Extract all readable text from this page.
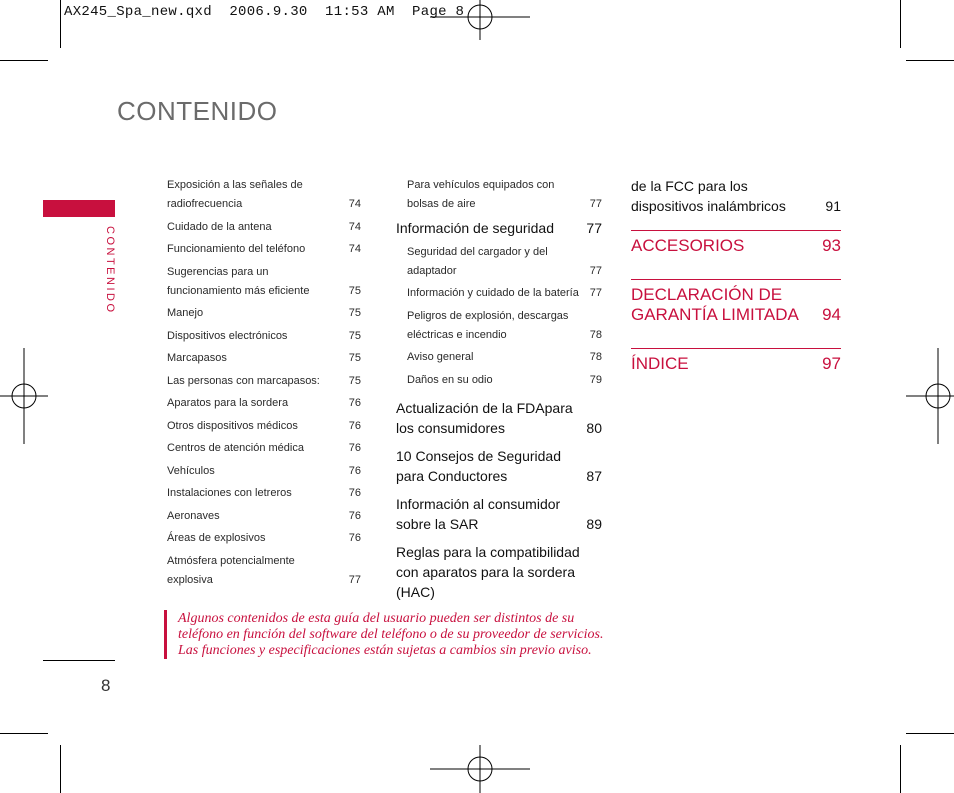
AX245_Spa_new.qxd  2006.9.30  11:53 AM  Page 8
CONTENIDO
CONTENIDO
Exposición a las señales de radiofrecuencia	74
Cuidado de la antena	74
Funcionamiento del teléfono	74
Sugerencias para un funcionamiento más eficiente	75
Manejo	75
Dispositivos electrónicos	75
Marcapasos	75
Las personas con marcapasos:	75
Aparatos para la sordera	76
Otros dispositivos médicos	76
Centros de atención médica	76
Vehículos	76
Instalaciones con letreros	76
Aeronaves	76
Áreas de explosivos	76
Atmósfera potencialmente explosiva	77
Para vehículos equipados con bolsas de aire	77
Información de seguridad	77
Seguridad del cargador y del adaptador	77
Información y cuidado de la batería 77
Peligros de explosión, descargas eléctricas e incendio	78
Aviso general	78
Daños en su odio	79
Actualización de la FDApara los consumidores	80
10 Consejos de Seguridad para Conductores	87
Información al consumidor sobre la SAR	89
Reglas para la compatibilidad con aparatos para la sordera (HAC)
de la FCC para los dispositivos inalámbricos	91
ACCESORIOS	93
DECLARACIÓN DE
GARANTÍA LIMITADA	94
ÍNDICE	97
Algunos contenidos de esta guía del usuario pueden ser distintos de su
teléfono en función del software del teléfono o de su proveedor de servicios.
Las funciones y especificaciones están sujetas a cambios sin previo aviso.
8
